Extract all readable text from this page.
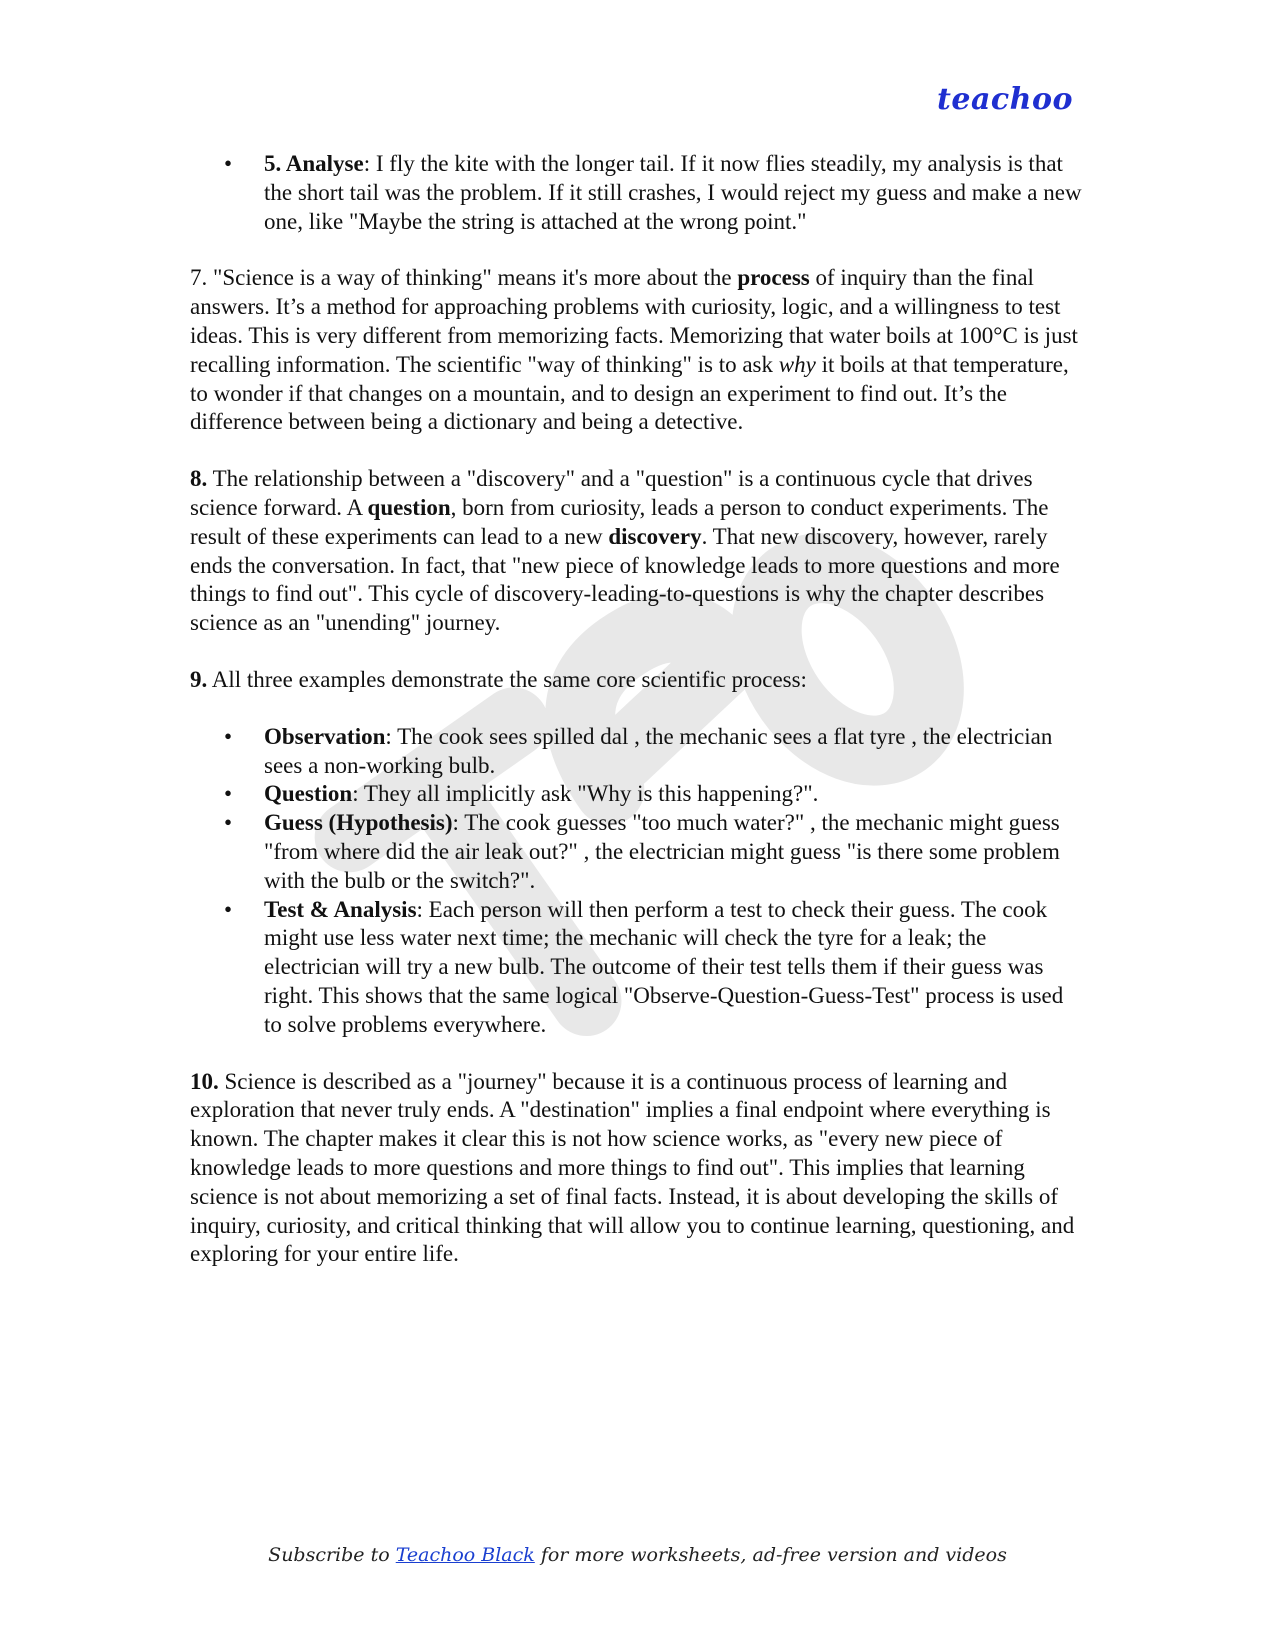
teachoo
• 5. Analyse: I fly the kite with the longer tail. If it now flies steadily, my analysis is that the short tail was the problem. If it still crashes, I would reject my guess and make a new one, like "Maybe the string is attached at the wrong point."

7. "Science is a way of thinking" means it's more about the process of inquiry than the final answers. It’s a method for approaching problems with curiosity, logic, and a willingness to test ideas. This is very different from memorizing facts. Memorizing that water boils at 100°C is just recalling information. The scientific "way of thinking" is to ask why it boils at that temperature, to wonder if that changes on a mountain, and to design an experiment to find out. It’s the difference between being a dictionary and being a detective.

8. The relationship between a "discovery" and a "question" is a continuous cycle that drives science forward. A question, born from curiosity, leads a person to conduct experiments. The result of these experiments can lead to a new discovery. That new discovery, however, rarely ends the conversation. In fact, that "new piece of knowledge leads to more questions and more things to find out". This cycle of discovery-leading-to-questions is why the chapter describes science as an "unending" journey.

9. All three examples demonstrate the same core scientific process:

• Observation: The cook sees spilled dal , the mechanic sees a flat tyre , the electrician sees a non-working bulb.
• Question: They all implicitly ask "Why is this happening?".
• Guess (Hypothesis): The cook guesses "too much water?" , the mechanic might guess "from where did the air leak out?" , the electrician might guess "is there some problem with the bulb or the switch?".
• Test & Analysis: Each person will then perform a test to check their guess. The cook might use less water next time; the mechanic will check the tyre for a leak; the electrician will try a new bulb. The outcome of their test tells them if their guess was right. This shows that the same logical "Observe-Question-Guess-Test" process is used to solve problems everywhere.

10. Science is described as a "journey" because it is a continuous process of learning and exploration that never truly ends. A "destination" implies a final endpoint where everything is known. The chapter makes it clear this is not how science works, as "every new piece of knowledge leads to more questions and more things to find out". This implies that learning science is not about memorizing a set of final facts. Instead, it is about developing the skills of inquiry, curiosity, and critical thinking that will allow you to continue learning, questioning, and exploring for your entire life.

Subscribe to Teachoo Black for more worksheets, ad-free version and videos
